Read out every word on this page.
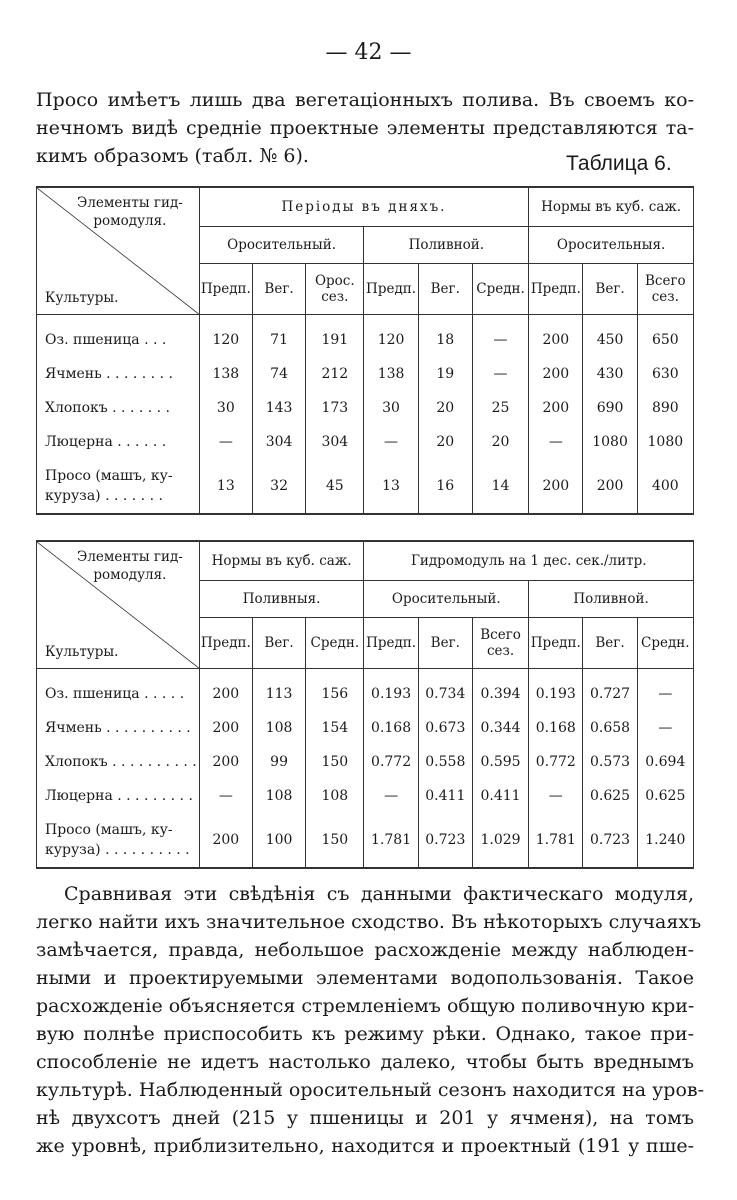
— 42 —
Просо имѣетъ лишь два вегетаціонныхъ полива. Въ своемъ ко-
нечномъ видѣ средніе проектные элементы представляются та-
кимъ образомъ (табл. № 6).	Таблица 6.
Элементы гид-
ромодуля.
Культуры.	Періоды въ дняхъ.						Нормы въ куб. саж.		
	Оросительный.			Поливной.			Оросительныя.		
	Предп.	Вег.	Орос. сез.	Предп.	Вег.	Средн.	Предп.	Вег.	Всего сез.
Оз. пшеница . . .	120	71	191	120	18	—	200	450	650
Ячмень . . . . . . . .	138	74	212	138	19	—	200	430	630
Хлопокъ . . . . . . .	30	143	173	30	20	25	200	690	890
Люцерна . . . . . .	—	304	304	—	20	20	—	1080	1080
Просо (машъ, ку- куруза) . . . . . . .	13	32	45	13	16	14	200	200	400
Элементы гид-
ромодуля.
Культуры.	Нормы въ куб. саж.			Гидромодуль на 1 дес. сек./литр.					
	Поливныя.			Оросительный.			Поливной.		
	Предп.	Вег.	Средн.	Предп.	Вег.	Всего сез.	Предп.	Вег.	Средн.
Оз. пшеница . . . . .	200	113	156	0.193	0.734	0.394	0.193	0.727	—
Ячмень . . . . . . . . . .	200	108	154	0.168	0.673	0.344	0.168	0.658	—
Хлопокъ . . . . . . . . . .	200	99	150	0.772	0.558	0.595	0.772	0.573	0.694
Люцерна . . . . . . . . .	—	108	108	—	0.411	0.411	—	0.625	0.625
Просо (машъ, ку- куруза) . . . . . . . . . .	200	100	150	1.781	0.723	1.029	1.781	0.723	1.240
Сравнивая эти свѣдѣнія съ данными фактическаго модуля,
легко найти ихъ значительное сходство. Въ нѣкоторыхъ случаяхъ
замѣчается, правда, небольшое расхожденіе между наблюден-
ными и проектируемыми элементами водопользованія. Такое
расхожденіе объясняется стремленіемъ общую поливочную кри-
вую полнѣе приспособить къ режиму рѣки. Однако, такое при-
способленіе не идетъ настолько далеко, чтобы быть вреднымъ
культурѣ. Наблюденный оросительный сезонъ находится на уров-
нѣ двухсотъ дней (215 у пшеницы и 201 у ячменя), на томъ
же уровнѣ, приблизительно, находится и проектный (191 у пше-
